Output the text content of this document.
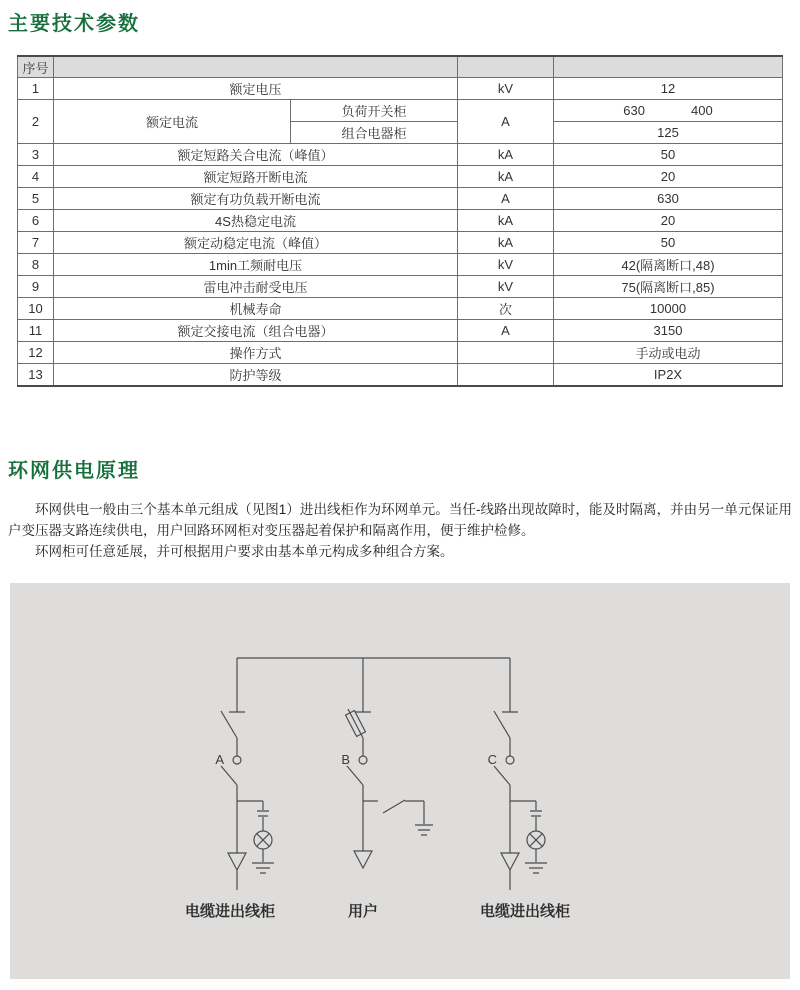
主要技术参数
序号				
1	额定电压		kV	12
2	额定电流	负荷开关柜	A	630 400
		组合电器柜		125
3	额定短路关合电流（峰值）		kA	50
4	额定短路开断电流		kA	20
5	额定有功负载开断电流		A	630
6	4S热稳定电流		kA	20
7	额定动稳定电流（峰值）		kA	50
8	1min工频耐电压		kV	42(隔离断口,48)
9	雷电冲击耐受电压		kV	75(隔离断口,85)
10	机械寿命		次	10000
11	额定交接电流（组合电器）		A	3150
12	操作方式			手动或电动
13	防护等级			IP2X
环网供电原理

环网供电一般由三个基本单元组成（见图1）进出线柜作为环网单元。当任-线路出现故障时，能及时隔离，并由另一单元保证用户变压器支路连续供电，用户回路环网柜对变压器起着保护和隔离作用，便于维护检修。

环网柜可任意延展，并可根据用户要求由基本单元构成多种组合方案。

A	B	C
电缆进出线柜	用户	电缆进出线柜
